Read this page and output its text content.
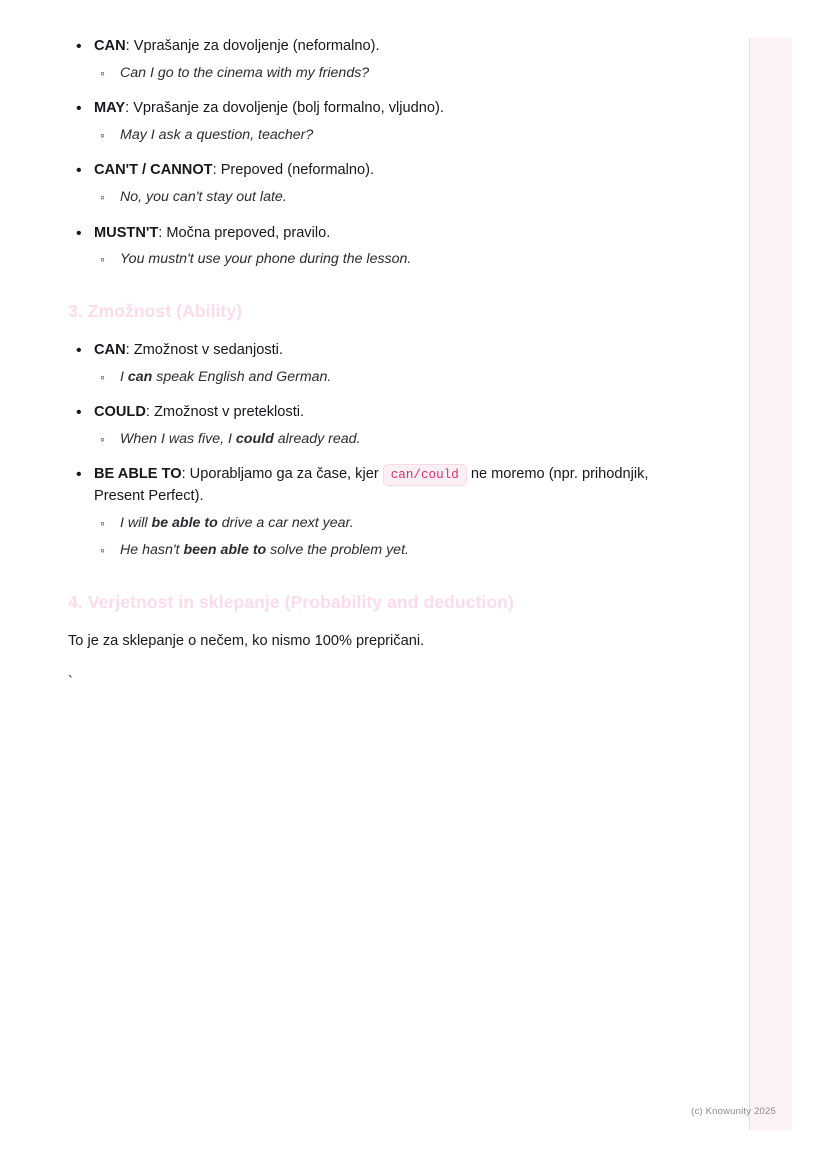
• CAN: Vprašanje za dovoljenje (neformalno).
◦ Can I go to the cinema with my friends?
• MAY: Vprašanje za dovoljenje (bolj formalno, vljudno).
◦ May I ask a question, teacher?
• CAN'T / CANNOT: Prepoved (neformalno).
◦ No, you can't stay out late.
• MUSTN'T: Močna prepoved, pravilo.
◦ You mustn't use your phone during the lesson.
3. Zmožnost (Ability)
• CAN: Zmožnost v sedanjosti.
◦ I can speak English and German.
• COULD: Zmožnost v preteklosti.
◦ When I was five, I could already read.
• BE ABLE TO: Uporabljamo ga za čase, kjer can/could ne moremo (npr. prihodnjik, Present Perfect).
◦ I will be able to drive a car next year.
◦ He hasn't been able to solve the problem yet.
4. Verjetnost in sklepanje (Probability and deduction)

To je za sklepanje o nečem, ko nismo 100% prepričani.

`

(c) Knowunity 2025
